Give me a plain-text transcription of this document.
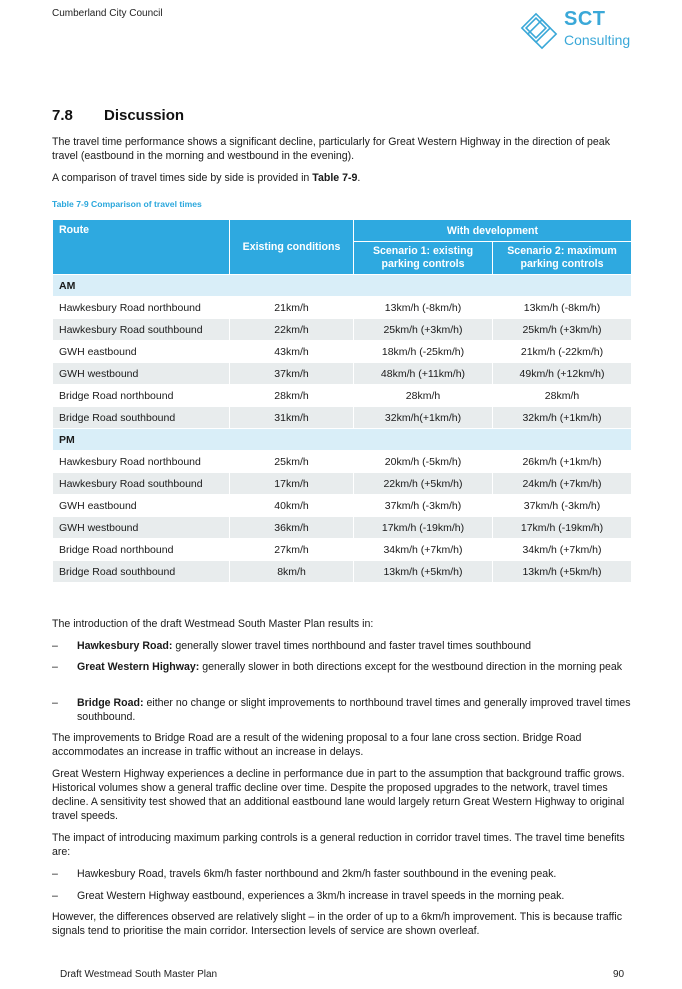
Cumberland City Council	SCT
Consulting
7.8 Discussion
The travel time performance shows a significant decline, particularly for Great Western Highway in the direction of peak travel (eastbound in the morning and westbound in the evening).
A comparison of travel times side by side is provided in Table 7-9.
Table 7-9 Comparison of travel times
Route	Existing conditions	With development	
		Scenario 1: existing parking controls	Scenario 2: maximum parking controls
AM			
Hawkesbury Road northbound	21km/h	13km/h (-8km/h)	13km/h (-8km/h)
Hawkesbury Road southbound	22km/h	25km/h (+3km/h)	25km/h (+3km/h)
GWH eastbound	43km/h	18km/h (-25km/h)	21km/h (-22km/h)
GWH westbound	37km/h	48km/h (+11km/h)	49km/h (+12km/h)
Bridge Road northbound	28km/h	28km/h	28km/h
Bridge Road southbound	31km/h	32km/h(+1km/h)	32km/h (+1km/h)
PM			
Hawkesbury Road northbound	25km/h	20km/h (-5km/h)	26km/h (+1km/h)
Hawkesbury Road southbound	17km/h	22km/h (+5km/h)	24km/h (+7km/h)
GWH eastbound	40km/h	37km/h (-3km/h)	37km/h (-3km/h)
GWH westbound	36km/h	17km/h (-19km/h)	17km/h (-19km/h)
Bridge Road northbound	27km/h	34km/h (+7km/h)	34km/h (+7km/h)
Bridge Road southbound	8km/h	13km/h (+5km/h)	13km/h (+5km/h)
The introduction of the draft Westmead South Master Plan results in:
– Hawkesbury Road: generally slower travel times northbound and faster travel times southbound
– Great Western Highway: generally slower in both directions except for the westbound direction in the morning peak
– Bridge Road: either no change or slight improvements to northbound travel times and generally improved travel times southbound.
The improvements to Bridge Road are a result of the widening proposal to a four lane cross section. Bridge Road accommodates an increase in traffic without an increase in delays.
Great Western Highway experiences a decline in performance due in part to the assumption that background traffic grows. Historical volumes show a general traffic decline over time. Despite the proposed upgrades to the network, travel times decline. A sensitivity test showed that an additional eastbound lane would largely return Great Western Highway to original travel speeds.
The impact of introducing maximum parking controls is a general reduction in corridor travel times. The travel time benefits are:
– Hawkesbury Road, travels 6km/h faster northbound and 2km/h faster southbound in the evening peak.
– Great Western Highway eastbound, experiences a 3km/h increase in travel speeds in the morning peak.
However, the differences observed are relatively slight – in the order of up to a 6km/h improvement. This is because traffic signals tend to prioritise the main corridor. Intersection levels of service are shown overleaf.
Draft Westmead South Master Plan	90
